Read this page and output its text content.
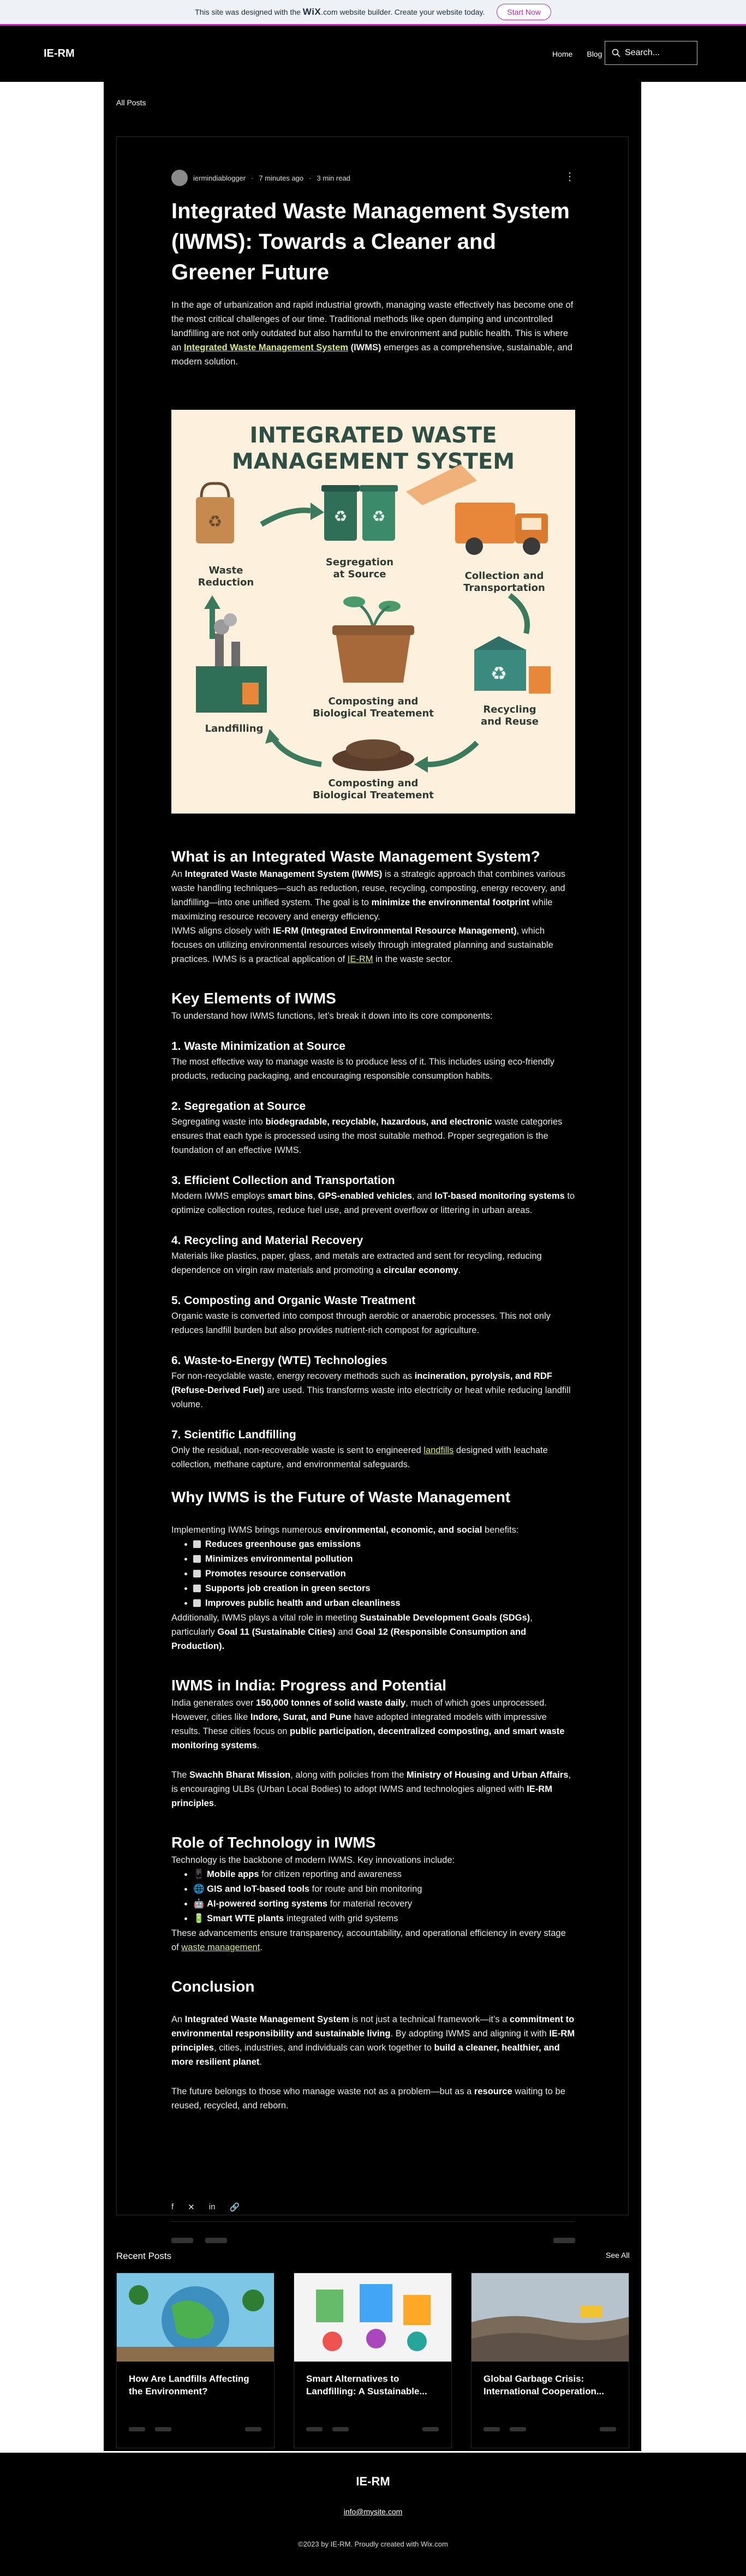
This site was designed with the WiX.com website builder. Create your website today.	Start Now
IE-RM	Home Blog	Search...
All Posts
iermindiablogger · 7 minutes ago · 3 min read	⋮
Integrated Waste Management System (IWMS): Towards a Cleaner and Greener Future

In the age of urbanization and rapid industrial growth, managing waste effectively has become one of the most critical challenges of our time. Traditional methods like open dumping and uncontrolled landfilling are not only outdated but also harmful to the environment and public health. This is where an Integrated Waste Management System (IWMS) emerges as a comprehensive, sustainable, and modern solution.

INTEGRATED WASTE
MANAGEMENT SYSTEM
♻
Waste
Reduction
♻ ♻
Segregation
at Source	Collection and
Transportation
Composting and
Biological Treatement
Landfilling
♻
Recycling
and Reuse
Composting and
Biological Treatement
What is an Integrated Waste Management System?

An Integrated Waste Management System (IWMS) is a strategic approach that combines various waste handling techniques—such as reduction, reuse, recycling, composting, energy recovery, and landfilling—into one unified system. The goal is to minimize the environmental footprint while maximizing resource recovery and energy efficiency.

IWMS aligns closely with IE-RM (Integrated Environmental Resource Management), which focuses on utilizing environmental resources wisely through integrated planning and sustainable practices. IWMS is a practical application of IE-RM in the waste sector.

Key Elements of IWMS

To understand how IWMS functions, let’s break it down into its core components:

1. Waste Minimization at Source

The most effective way to manage waste is to produce less of it. This includes using eco-friendly products, reducing packaging, and encouraging responsible consumption habits.

2. Segregation at Source

Segregating waste into biodegradable, recyclable, hazardous, and electronic waste categories ensures that each type is processed using the most suitable method. Proper segregation is the foundation of an effective IWMS.

3. Efficient Collection and Transportation

Modern IWMS employs smart bins, GPS-enabled vehicles, and IoT-based monitoring systems to optimize collection routes, reduce fuel use, and prevent overflow or littering in urban areas.

4. Recycling and Material Recovery

Materials like plastics, paper, glass, and metals are extracted and sent for recycling, reducing dependence on virgin raw materials and promoting a circular economy.

5. Composting and Organic Waste Treatment

Organic waste is converted into compost through aerobic or anaerobic processes. This not only reduces landfill burden but also provides nutrient-rich compost for agriculture.

6. Waste-to-Energy (WTE) Technologies

For non-recyclable waste, energy recovery methods such as incineration, pyrolysis, and RDF (Refuse-Derived Fuel) are used. This transforms waste into electricity or heat while reducing landfill volume.

7. Scientific Landfilling

Only the residual, non-recoverable waste is sent to engineered landfills designed with leachate collection, methane capture, and environmental safeguards.

Why IWMS is the Future of Waste Management

Implementing IWMS brings numerous environmental, economic, and social benefits:

• Reduces greenhouse gas emissions
• Minimizes environmental pollution
• Promotes resource conservation
• Supports job creation in green sectors
• Improves public health and urban cleanliness

Additionally, IWMS plays a vital role in meeting Sustainable Development Goals (SDGs), particularly Goal 11 (Sustainable Cities) and Goal 12 (Responsible Consumption and Production).

IWMS in India: Progress and Potential

India generates over 150,000 tonnes of solid waste daily, much of which goes unprocessed. However, cities like Indore, Surat, and Pune have adopted integrated models with impressive results. These cities focus on public participation, decentralized composting, and smart waste monitoring systems.

The Swachh Bharat Mission, along with policies from the Ministry of Housing and Urban Affairs, is encouraging ULBs (Urban Local Bodies) to adopt IWMS and technologies aligned with IE-RM principles.

Role of Technology in IWMS

Technology is the backbone of modern IWMS. Key innovations include:

• 📱 Mobile apps for citizen reporting and awareness
• 🌐 GIS and IoT-based tools for route and bin monitoring
• 🤖 AI-powered sorting systems for material recovery
• 🔋 Smart WTE plants integrated with grid systems

These advancements ensure transparency, accountability, and operational efficiency in every stage of waste management.

Conclusion

An Integrated Waste Management System is not just a technical framework—it’s a commitment to environmental responsibility and sustainable living. By adopting IWMS and aligning it with IE-RM principles, cities, industries, and individuals can work together to build a cleaner, healthier, and more resilient planet.

The future belongs to those who manage waste not as a problem—but as a resource waiting to be reused, recycled, and reborn.

f ✕ in 🔗
Recent Posts	See All
How Are Landfills Affecting the Environment?
Smart Alternatives to Landfilling: A Sustainable...
Global Garbage Crisis: International Cooperation...
IE-RM
info@mysite.com
©2023 by IE-RM. Proudly created with Wix.com
